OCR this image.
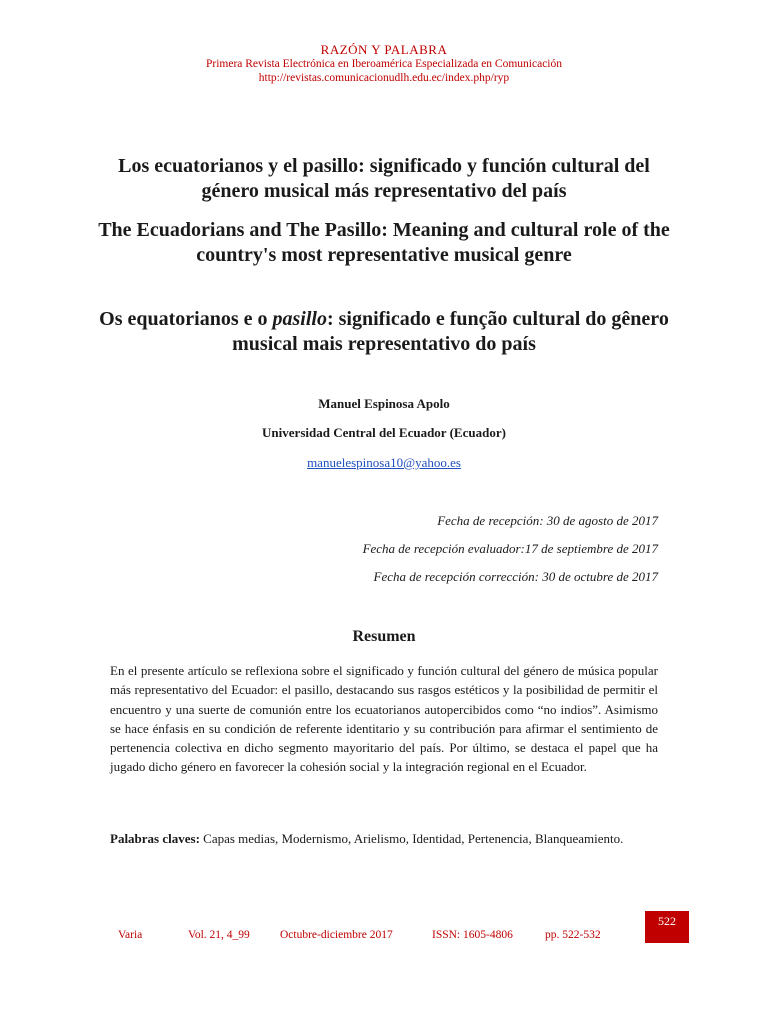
RAZÓN Y PALABRA
Primera Revista Electrónica en Iberoamérica Especializada en Comunicación
http://revistas.comunicacionudlh.edu.ec/index.php/ryp
Los ecuatorianos y el pasillo: significado y función cultural del género musical más representativo del país
The Ecuadorians and The Pasillo: Meaning and cultural role of the country's most representative musical genre
Os equatorianos e o pasillo: significado e função cultural do gênero musical mais representativo do país
Manuel Espinosa Apolo
Universidad Central del Ecuador (Ecuador)
manuelespinosa10@yahoo.es
Fecha de recepción: 30 de agosto de 2017
Fecha de recepción evaluador:17 de septiembre de 2017
Fecha de recepción corrección: 30 de octubre de 2017
Resumen

En el presente artículo se reflexiona sobre el significado y función cultural del género de música popular más representativo del Ecuador: el pasillo, destacando sus rasgos estéticos y la posibilidad de permitir el encuentro y una suerte de comunión entre los ecuatorianos autopercibidos como “no indios”. Asimismo se hace énfasis en su condición de referente identitario y su contribución para afirmar el sentimiento de pertenencia colectiva en dicho segmento mayoritario del país. Por último, se destaca el papel que ha jugado dicho género en favorecer la cohesión social y la integración regional en el Ecuador.

Palabras claves: Capas medias, Modernismo, Arielismo, Identidad, Pertenencia, Blanqueamiento.

Varia	Vol. 21, 4_99	Octubre-diciembre 2017	ISSN: 1605-4806	pp. 522-532
522
